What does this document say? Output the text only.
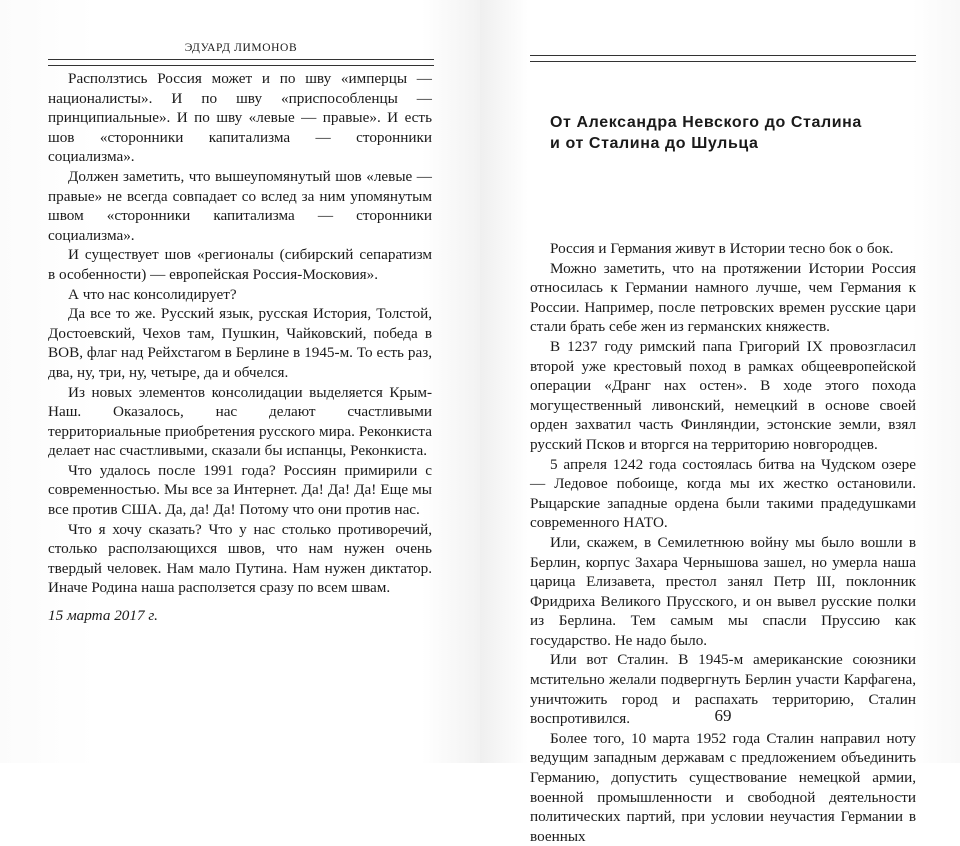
ЭДУАРД ЛИМОНОВ

Расползтись Россия может и по шву «имперцы — националисты». И по шву «приспособленцы — принципиальные». И по шву «левые — правые». И есть шов «сторонники капитализма — сторонники социализма».

Должен заметить, что вышеупомянутый шов «левые — правые» не всегда совпадает со вслед за ним упомянутым швом «сторонники капитализма — сторонники социализма».

И существует шов «регионалы (сибирский сепаратизм в особенности) — европейская Россия-Московия».

А что нас консолидирует?

Да все то же. Русский язык, русская История, Толстой, Достоевский, Чехов там, Пушкин, Чайковский, победа в ВОВ, флаг над Рейхстагом в Берлине в 1945-м. То есть раз, два, ну, три, ну, четыре, да и обчелся.

Из новых элементов консолидации выделяется Крым-Наш. Оказалось, нас делают счастливыми территориальные приобретения русского мира. Реконкиста делает нас счастливыми, сказали бы испанцы, Реконкиста.

Что удалось после 1991 года? Россиян примирили с современностью. Мы все за Интернет. Да! Да! Да! Еще мы все против США. Да, да! Да! Потому что они против нас.

Что я хочу сказать? Что у нас столько противоречий, столько расползающихся швов, что нам нужен очень твердый человек. Нам мало Путина. Нам нужен диктатор. Иначе Родина наша расползется сразу по всем швам.

15 марта 2017 г.

От Александра Невского до Сталина
и от Сталина до Шульца

Россия и Германия живут в Истории тесно бок о бок.

Можно заметить, что на протяжении Истории Россия относилась к Германии намного лучше, чем Германия к России. Например, после петровских времен русские цари стали брать себе жен из германских княжеств.

В 1237 году римский папа Григорий IX провозгласил второй уже крестовый поход в рамках общеевропейской операции «Дранг нах остен». В ходе этого похода могущественный ливонский, немецкий в основе своей орден захватил часть Финляндии, эстонские земли, взял русский Псков и вторгся на территорию новгородцев.

5 апреля 1242 года состоялась битва на Чудском озере — Ледовое побоище, когда мы их жестко остановили. Рыцарские западные ордена были такими прадедушками современного НАТО.

Или, скажем, в Семилетнюю войну мы было вошли в Берлин, корпус Захара Чернышова зашел, но умерла наша царица Елизавета, престол занял Петр III, поклонник Фридриха Великого Прусского, и он вывел русские полки из Берлина. Тем самым мы спасли Пруссию как государство. Не надо было.

Или вот Сталин. В 1945-м американские союзники мстительно желали подвергнуть Берлин участи Карфагена, уничтожить город и распахать территорию, Сталин воспротивился.

Более того, 10 марта 1952 года Сталин направил ноту ведущим западным державам с предложением объединить Германию, допустить существование немецкой армии, военной промышленности и свободной деятельности политических партий, при условии неучастия Германии в военных

69
